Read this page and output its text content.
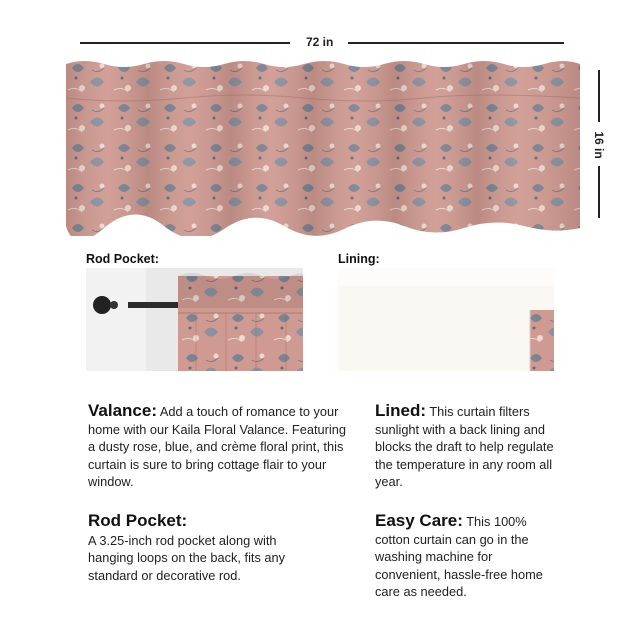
72 in
16 in
Rod Pocket:	Lining:
Valance: Add a touch of romance to your home with our Kaila Floral Valance. Featuring a dusty rose, blue, and crème floral print, this curtain is sure to bring cottage flair to your window.
Lined: This curtain filters sunlight with a back lining and blocks the draft to help regulate the temperature in any room all year.
Rod Pocket:
A 3.25-inch rod pocket along with hanging loops on the back, fits any standard or decorative rod.
Easy Care: This 100% cotton curtain can go in the washing machine for convenient, hassle-free home care as needed.
